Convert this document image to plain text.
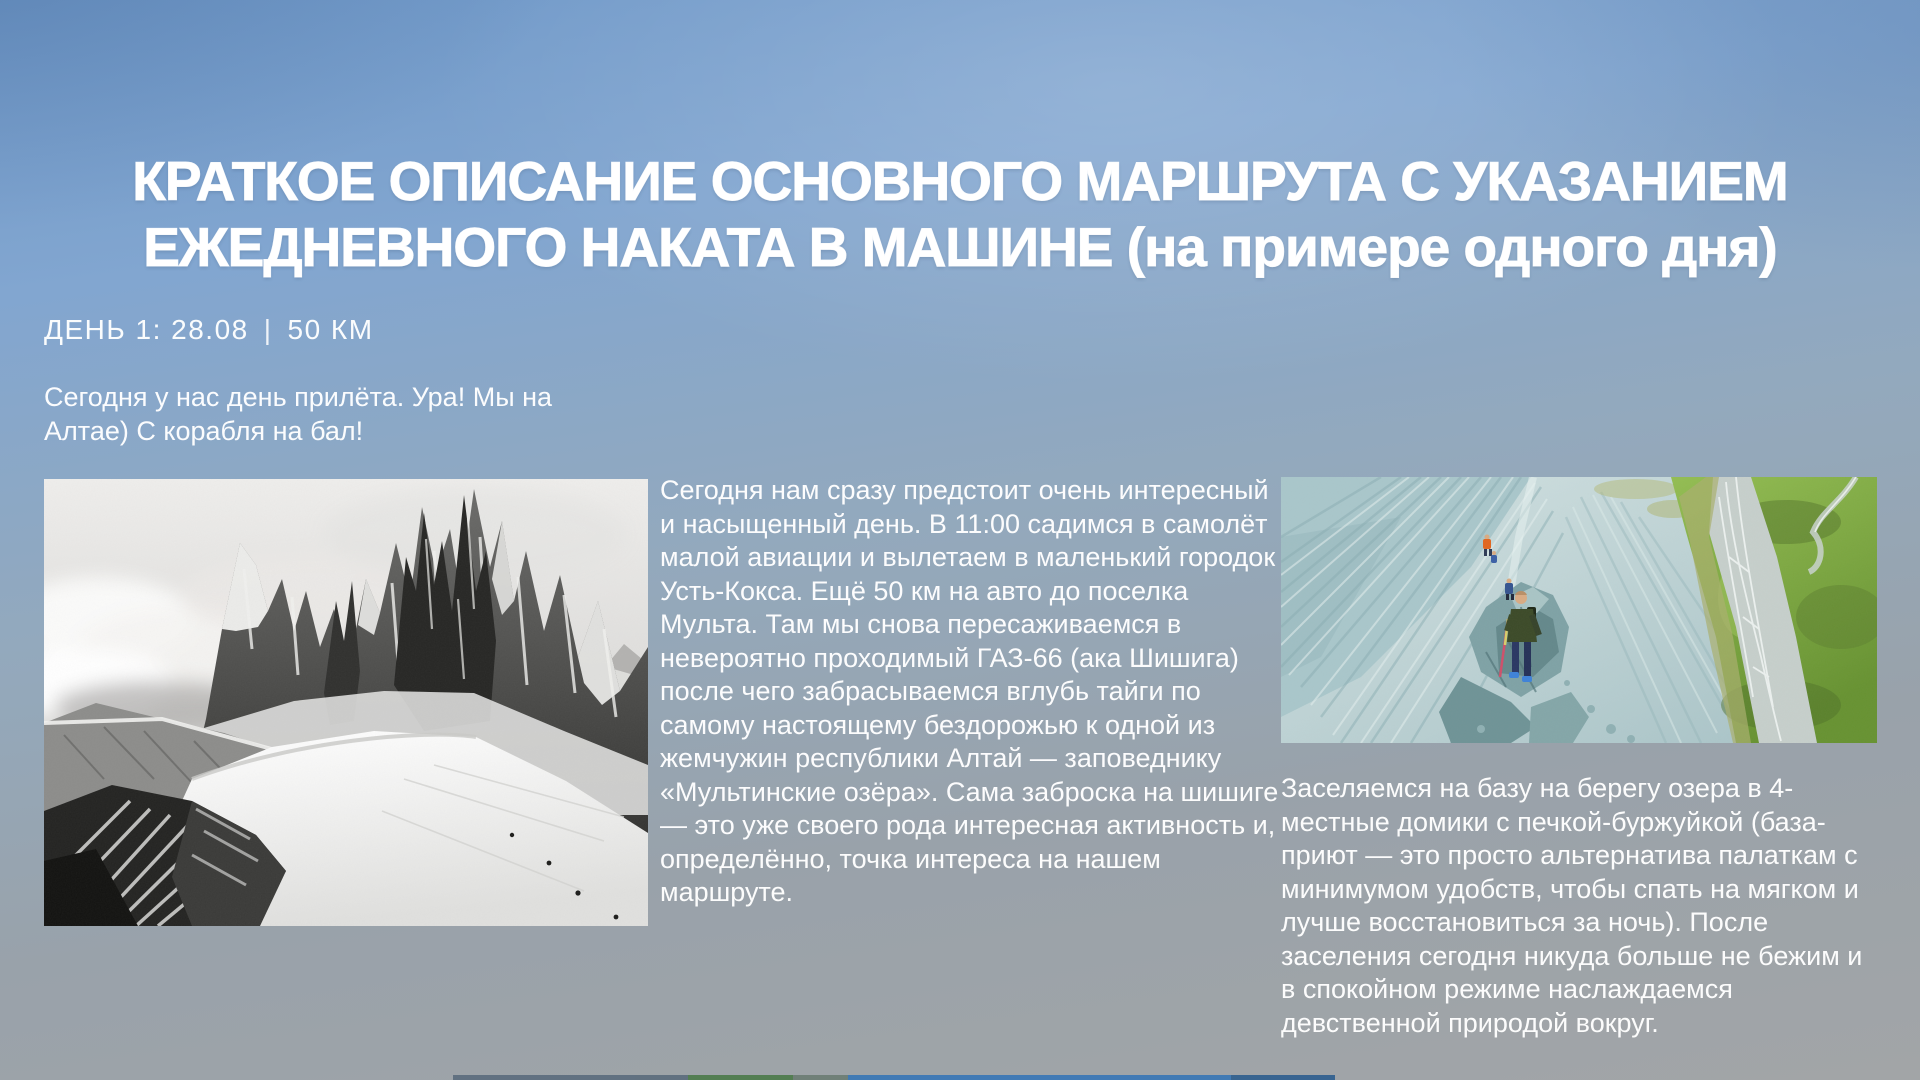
КРАТКОЕ ОПИСАНИЕ ОСНОВНОГО МАРШРУТА С УКАЗАНИЕМ
ЕЖЕДНЕВНОГО НАКАТА В МАШИНЕ (на примере одного дня)
ДЕНЬ 1: 28.08 | 50 КМ

Сегодня у нас день прилёта. Ура! Мы на Алтае) С корабля на бал!

Сегодня нам сразу предстоит очень интересный и насыщенный день. В 11:00 садимся в самолёт малой авиации и вылетаем в маленький городок Усть-Кокса. Ещё 50 км на авто до поселка Мульта. Там мы снова пересаживаемся в невероятно проходимый ГАЗ-66 (ака Шишига) после чего забрасываемся вглубь тайги по самому настоящему бездорожью к одной из жемчужин республики Алтай — заповеднику «Мультинские озёра». Сама заброска на шишиге — это уже своего рода интересная активность и, определённо, точка интереса на нашем маршруте.

Заселяемся на базу на берегу озера в 4-местные домики с печкой-буржуйкой (база-приют — это просто альтернатива палаткам с минимумом удобств, чтобы спать на мягком и лучше восстановиться за ночь). После заселения сегодня никуда больше не бежим и в спокойном режиме наслаждаемся девственной природой вокруг.
